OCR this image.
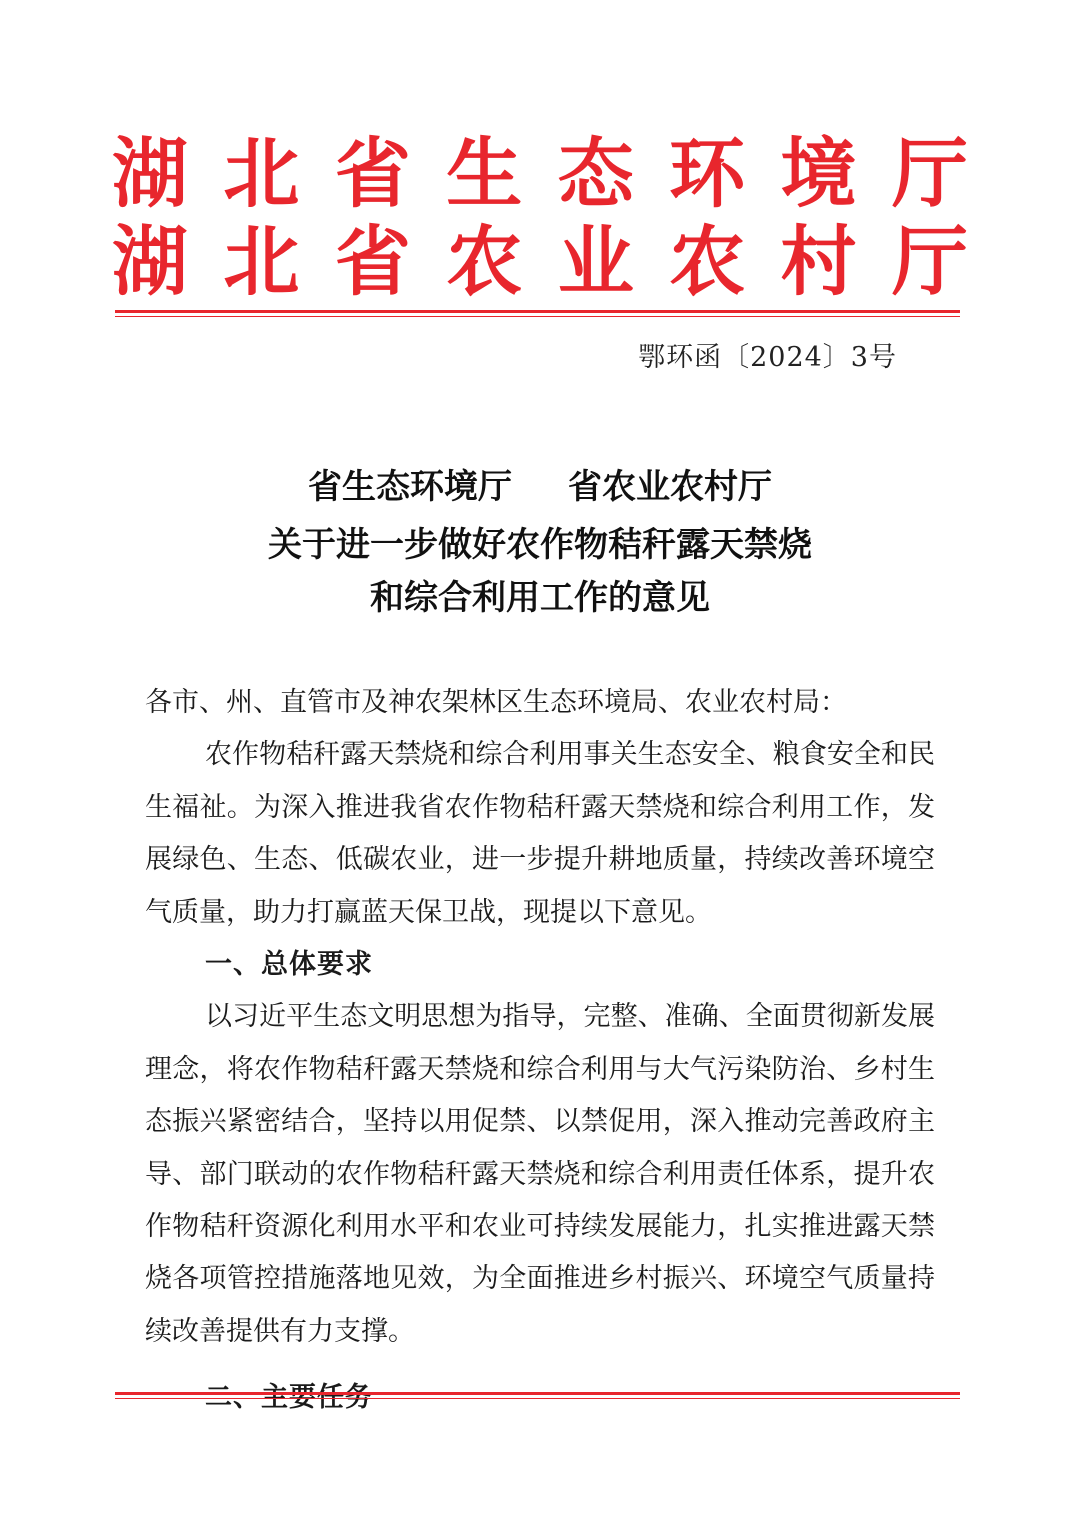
湖 北 省 生 态 环 境 厅
湖 北 省 农 业 农 村 厅
鄂环函〔2024〕3号
省生态环境厅 省农业农村厅
关于进一步做好农作物秸秆露天禁烧
和综合利用工作的意见

各市、州、直管市及神农架林区生态环境局、农业农村局：

农作物秸秆露天禁烧和综合利用事关生态安全、粮食安全和民生福祉。为深入推进我省农作物秸秆露天禁烧和综合利用工作，发展绿色、生态、低碳农业，进一步提升耕地质量，持续改善环境空气质量，助力打赢蓝天保卫战，现提以下意见。

一、总体要求

以习近平生态文明思想为指导，完整、准确、全面贯彻新发展理念，将农作物秸秆露天禁烧和综合利用与大气污染防治、乡村生态振兴紧密结合，坚持以用促禁、以禁促用，深入推动完善政府主导、部门联动的农作物秸秆露天禁烧和综合利用责任体系，提升农作物秸秆资源化利用水平和农业可持续发展能力，扎实推进露天禁烧各项管控措施落地见效，为全面推进乡村振兴、环境空气质量持续改善提供有力支撑。
